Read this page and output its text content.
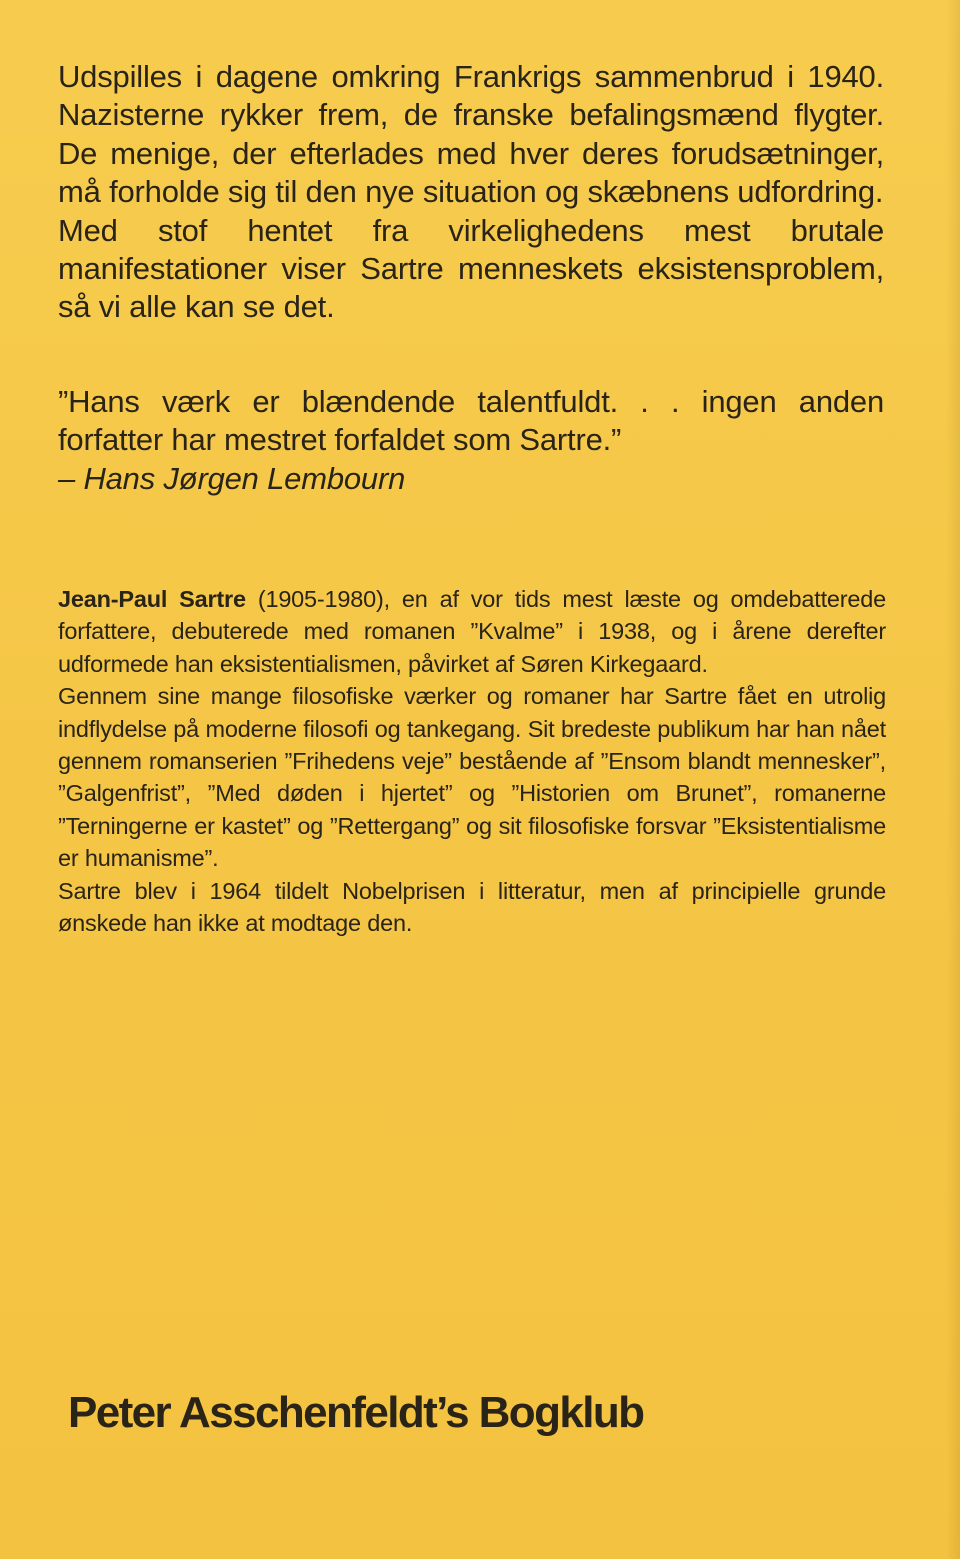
Udspilles i dagene omkring Frankrigs sammenbrud i 1940. Nazisterne rykker frem, de franske befalingsmænd flygter. De menige, der efterlades med hver deres forudsætninger, må forholde sig til den nye situation og skæbnens udfordring.

Med stof hentet fra virkelighedens mest brutale manifestationer viser Sartre menneskets eksistensproblem, så vi alle kan se det.

”Hans værk er blændende talentfuldt. . . ingen anden forfatter har mestret forfaldet som Sartre.”

– Hans Jørgen Lembourn

Jean-Paul Sartre (1905-1980), en af vor tids mest læste og omdebatterede forfattere, debuterede med romanen ”Kvalme” i 1938, og i årene derefter udformede han eksistentialismen, påvirket af Søren Kirkegaard.

Gennem sine mange filosofiske værker og romaner har Sartre fået en utrolig indflydelse på moderne filosofi og tankegang. Sit bredeste publikum har han nået gennem romanserien ”Frihedens veje” bestående af ”Ensom blandt mennesker”, ”Galgenfrist”, ”Med døden i hjertet” og ”Historien om Brunet”, romanerne ”Terningerne er kastet” og ”Rettergang” og sit filosofiske forsvar ”Eksistentialisme er humanisme”.

Sartre blev i 1964 tildelt Nobelprisen i litteratur, men af principielle grunde ønskede han ikke at modtage den.

Peter Asschenfeldt’s Bogklub
